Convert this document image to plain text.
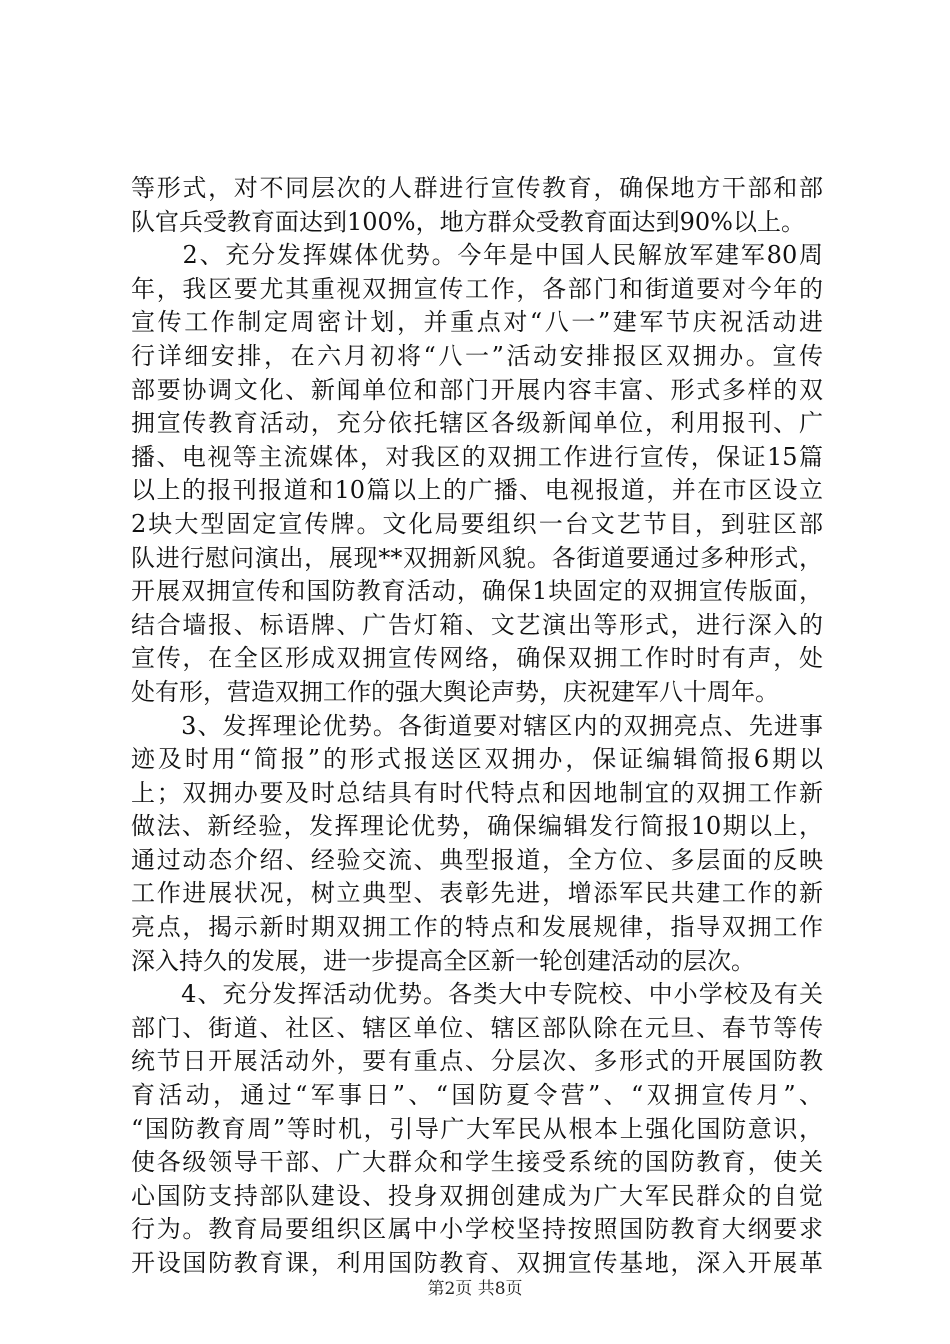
等形式，对不同层次的人群进行宣传教育，确保地方干部和部
队官兵受教育面达到100%，地方群众受教育面达到90%以上。
　　2、充分发挥媒体优势。今年是中国人民解放军建军80周
年，我区要尤其重视双拥宣传工作，各部门和街道要对今年的
宣传工作制定周密计划，并重点对“八一”建军节庆祝活动进
行详细安排，在六月初将“八一”活动安排报区双拥办。宣传
部要协调文化、新闻单位和部门开展内容丰富、形式多样的双
拥宣传教育活动，充分依托辖区各级新闻单位，利用报刊、广
播、电视等主流媒体，对我区的双拥工作进行宣传，保证15篇
以上的报刊报道和10篇以上的广播、电视报道，并在市区设立
2块大型固定宣传牌。文化局要组织一台文艺节目，到驻区部
队进行慰问演出，展现**双拥新风貌。各街道要通过多种形式，
开展双拥宣传和国防教育活动，确保1块固定的双拥宣传版面，
结合墙报、标语牌、广告灯箱、文艺演出等形式，进行深入的
宣传，在全区形成双拥宣传网络，确保双拥工作时时有声，处
处有形，营造双拥工作的强大舆论声势，庆祝建军八十周年。
　　3、发挥理论优势。各街道要对辖区内的双拥亮点、先进事
迹及时用“简报”的形式报送区双拥办，保证编辑简报6期以
上；双拥办要及时总结具有时代特点和因地制宜的双拥工作新
做法、新经验，发挥理论优势，确保编辑发行简报10期以上，
通过动态介绍、经验交流、典型报道，全方位、多层面的反映
工作进展状况，树立典型、表彰先进，增添军民共建工作的新
亮点，揭示新时期双拥工作的特点和发展规律，指导双拥工作
深入持久的发展，进一步提高全区新一轮创建活动的层次。
　　4、充分发挥活动优势。各类大中专院校、中小学校及有关
部门、街道、社区、辖区单位、辖区部队除在元旦、春节等传
统节日开展活动外，要有重点、分层次、多形式的开展国防教
育活动，通过“军事日”、“国防夏令营”、“双拥宣传月”、
“国防教育周”等时机，引导广大军民从根本上强化国防意识，
使各级领导干部、广大群众和学生接受系统的国防教育，使关
心国防支持部队建设、投身双拥创建成为广大军民群众的自觉
行为。教育局要组织区属中小学校坚持按照国防教育大纲要求
开设国防教育课，利用国防教育、双拥宣传基地，深入开展革
第2页 共8页
